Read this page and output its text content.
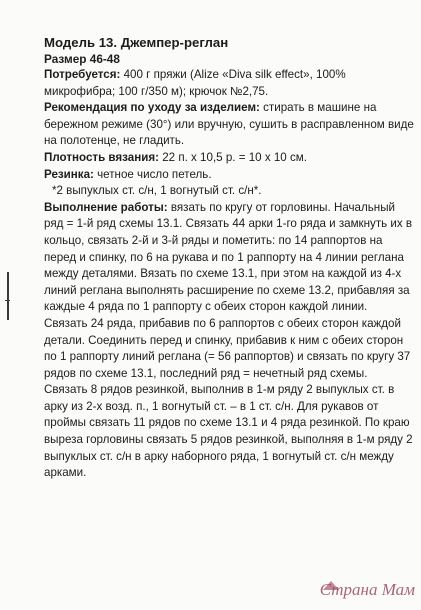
Модель 13. Джемпер-реглан

Размер 46-48

Потребуется: 400 г пряжи (Alize «Diva silk effect», 100% микрофибра; 100 г/350 м); крючок №2,75.

Рекомендация по уходу за изделием: стирать в машине на бережном режиме (30°) или вручную, сушить в расправленном виде на полотенце, не гладить.

Плотность вязания: 22 п. х 10,5 р. = 10 х 10 см.

Резинка: четное число петель.

*2 выпуклых ст. с/н, 1 вогнутый ст. с/н*.

Выполнение работы: вязать по кругу от горловины. Начальный ряд = 1-й ряд схемы 13.1. Связать 44 арки 1-го ряда и замкнуть их в кольцо, связать 2-й и 3-й ряды и пометить: по 14 раппортов на перед и спинку, по 6 на рукава и по 1 раппорту на 4 линии реглана между деталями. Вязать по схеме 13.1, при этом на каждой из 4-х линий реглана выполнять расширение по схеме 13.2, прибавляя за каждые 4 ряда по 1 раппорту с обеих сторон каждой линии. Связать 24 ряда, прибавив по 6 раппортов с обеих сторон каждой детали. Соединить перед и спинку, прибавив к ним с обеих сторон по 1 раппорту линий реглана (= 56 раппортов) и связать по кругу 37 рядов по схеме 13.1, последний ряд = нечетный ряд схемы. Связать 8 рядов резинкой, выполнив в 1-м ряду 2 выпуклых ст. в арку из 2-х возд. п., 1 вогнутый ст. – в 1 ст. с/н. Для рукавов от проймы связать 11 рядов по схеме 13.1 и 4 ряда резинкой. По краю выреза горловины связать 5 рядов резинкой, выполняя в 1-м ряду 2 выпуклых ст. с/н в арку наборного ряда, 1 вогнутый ст. с/н между арками.

Страна Мам
